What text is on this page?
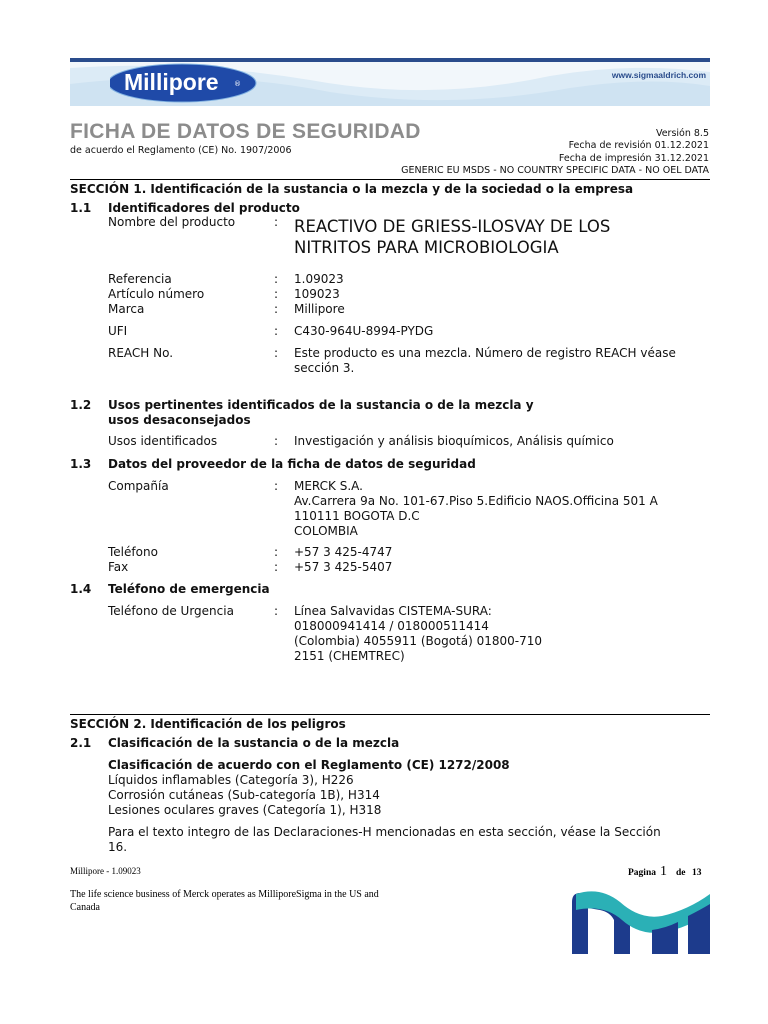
Millipore ®
www.sigmaaldrich.com
FICHA DE DATOS DE SEGURIDAD
de acuerdo el Reglamento (CE) No. 1907/2006
Versión 8.5
Fecha de revisión 01.12.2021
Fecha de impresión 31.12.2021
GENERIC EU MSDS - NO COUNTRY SPECIFIC DATA - NO OEL DATA
SECCIÓN 1. Identificación de la sustancia o la mezcla y de la sociedad o la empresa
1.1 Identificadores del producto
Nombre del producto	: REACTIVO DE GRIESS-ILOSVAY DE LOS
NITRITOS PARA MICROBIOLOGIA
Referencia	: 1.09023
Artículo número	: 109023
Marca	: Millipore
UFI	: C430-964U-8994-PYDG
REACH No.	: Este producto es una mezcla. Número de registro REACH véase
sección 3.
1.2 Usos pertinentes identificados de la sustancia o de la mezcla y
usos desaconsejados
Usos identificados	: Investigación y análisis bioquímicos, Análisis químico
1.3 Datos del proveedor de la ficha de datos de seguridad
Compañía	: MERCK S.A.
Av.Carrera 9a No. 101-67.Piso 5.Edificio NAOS.Officina 501 A
110111 BOGOTA D.C
COLOMBIA
Teléfono	: +57 3 425-4747
Fax	: +57 3 425-5407
1.4 Teléfono de emergencia
Teléfono de Urgencia	: Línea Salvavidas CISTEMA-SURA:
018000941414 / 018000511414
(Colombia) 4055911 (Bogotá) 01800-710
2151 (CHEMTREC)
SECCIÓN 2. Identificación de los peligros
2.1 Clasificación de la sustancia o de la mezcla
Clasificación de acuerdo con el Reglamento (CE) 1272/2008
Líquidos inflamables (Categoría 3), H226
Corrosión cutáneas (Sub-categoría 1B), H314
Lesiones oculares graves (Categoría 1), H318
Para el texto integro de las Declaraciones-H mencionadas en esta sección, véase la Sección
16.
Millipore - 1.09023	Pagina 1 de 13
The life science business of Merck operates as MilliporeSigma in the US and
Canada
